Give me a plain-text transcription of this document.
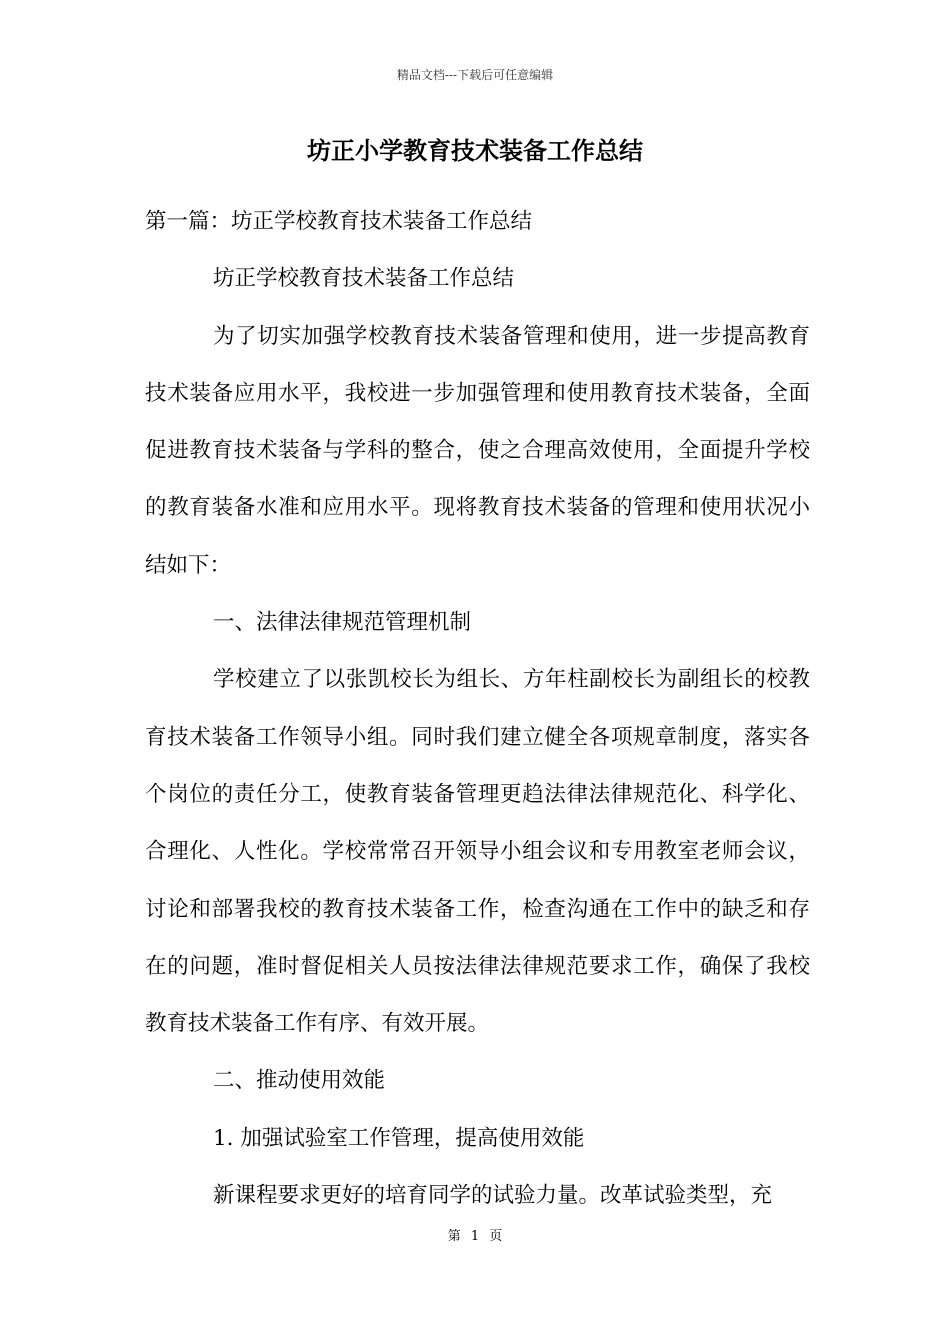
精品文档---下载后可任意编辑
坊正小学教育技术装备工作总结

第一篇：坊正学校教育技术装备工作总结

坊正学校教育技术装备工作总结

为了切实加强学校教育技术装备管理和使用，进一步提高教育技术装备应用水平，我校进一步加强管理和使用教育技术装备，全面促进教育技术装备与学科的整合，使之合理高效使用，全面提升学校的教育装备水准和应用水平。现将教育技术装备的管理和使用状况小结如下：

一、法律法律规范管理机制

学校建立了以张凯校长为组长、方年柱副校长为副组长的校教育技术装备工作领导小组。同时我们建立健全各项规章制度，落实各个岗位的责任分工，使教育装备管理更趋法律法律规范化、科学化、合理化、人性化。学校常常召开领导小组会议和专用教室老师会议，讨论和部署我校的教育技术装备工作，检查沟通在工作中的缺乏和存在的问题，准时督促相关人员按法律法律规范要求工作，确保了我校教育技术装备工作有序、有效开展。

二、推动使用效能

1. 加强试验室工作管理，提高使用效能

新课程要求更好的培育同学的试验力量。改革试验类型，充

第 1 页
